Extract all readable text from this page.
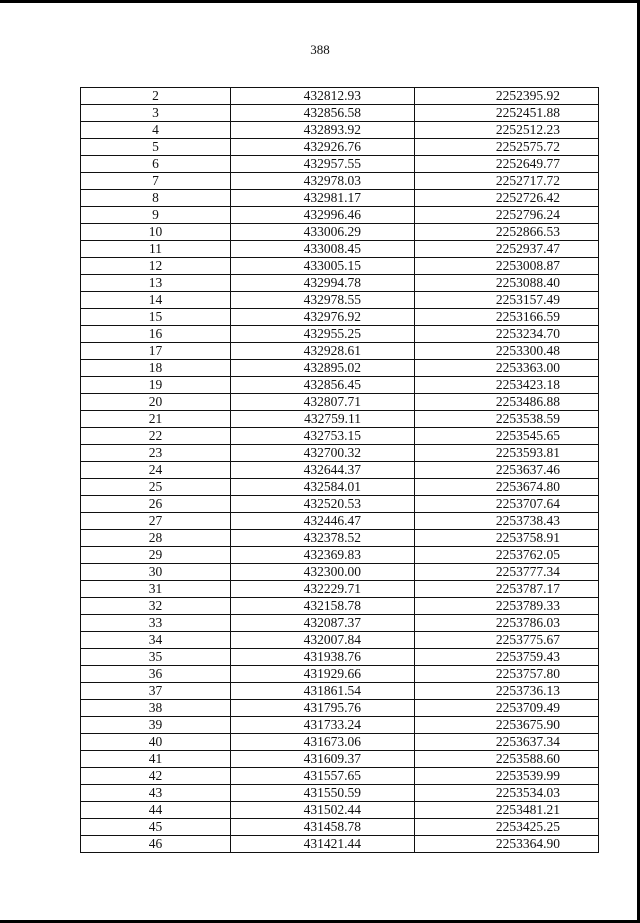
388
2	432812.93	2252395.92
3	432856.58	2252451.88
4	432893.92	2252512.23
5	432926.76	2252575.72
6	432957.55	2252649.77
7	432978.03	2252717.72
8	432981.17	2252726.42
9	432996.46	2252796.24
10	433006.29	2252866.53
11	433008.45	2252937.47
12	433005.15	2253008.87
13	432994.78	2253088.40
14	432978.55	2253157.49
15	432976.92	2253166.59
16	432955.25	2253234.70
17	432928.61	2253300.48
18	432895.02	2253363.00
19	432856.45	2253423.18
20	432807.71	2253486.88
21	432759.11	2253538.59
22	432753.15	2253545.65
23	432700.32	2253593.81
24	432644.37	2253637.46
25	432584.01	2253674.80
26	432520.53	2253707.64
27	432446.47	2253738.43
28	432378.52	2253758.91
29	432369.83	2253762.05
30	432300.00	2253777.34
31	432229.71	2253787.17
32	432158.78	2253789.33
33	432087.37	2253786.03
34	432007.84	2253775.67
35	431938.76	2253759.43
36	431929.66	2253757.80
37	431861.54	2253736.13
38	431795.76	2253709.49
39	431733.24	2253675.90
40	431673.06	2253637.34
41	431609.37	2253588.60
42	431557.65	2253539.99
43	431550.59	2253534.03
44	431502.44	2253481.21
45	431458.78	2253425.25
46	431421.44	2253364.90
